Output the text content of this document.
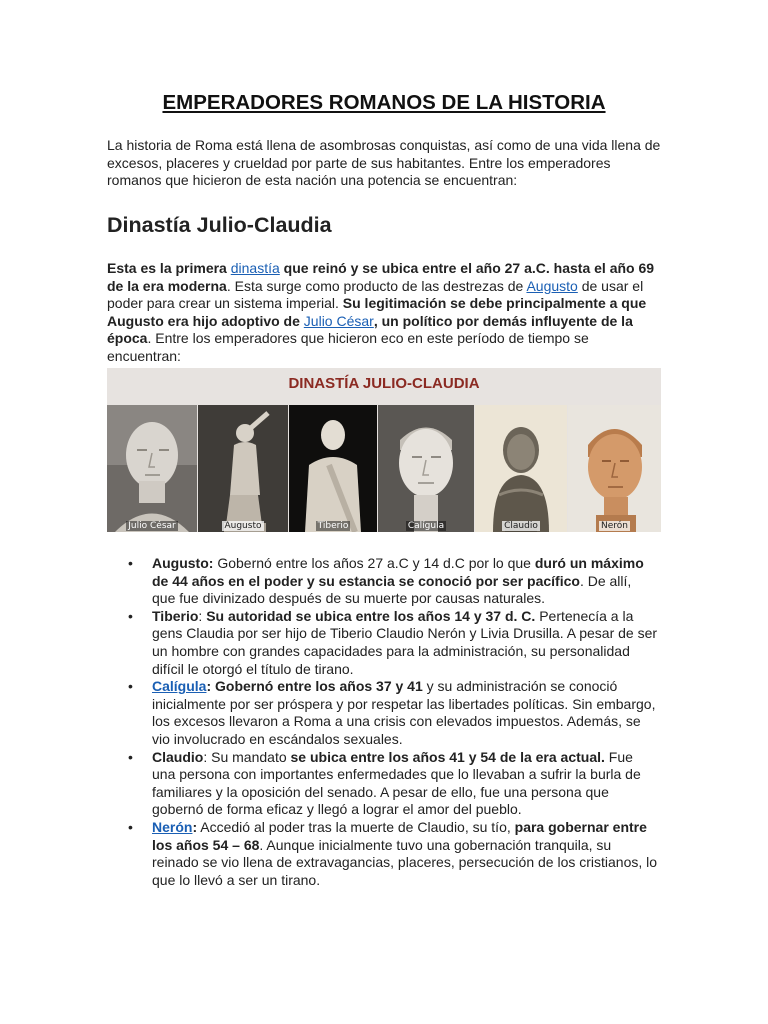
EMPERADORES ROMANOS DE LA HISTORIA

La historia de Roma está llena de asombrosas conquistas, así como de una vida llena de excesos, placeres y crueldad por parte de sus habitantes. Entre los emperadores romanos que hicieron de esta nación una potencia se encuentran:

Dinastía Julio-Claudia

Esta es la primera dinastía que reinó y se ubica entre el año 27 a.C. hasta el año 69 de la era moderna. Esta surge como producto de las destrezas de Augusto de usar el poder para crear un sistema imperial. Su legitimación se debe principalmente a que Augusto era hijo adoptivo de Julio César, un político por demás influyente de la época. Entre los emperadores que hicieron eco en este período de tiempo se encuentran:

DINASTÍA JULIO-CLAUDIA
Julio César	Augusto	Tiberio	Calígula	Claudio	Nerón
• Augusto: Gobernó entre los años 27 a.C y 14 d.C por lo que duró un máximo de 44 años en el poder y su estancia se conoció por ser pacífico. De allí, que fue divinizado después de su muerte por causas naturales.
• Tiberio: Su autoridad se ubica entre los años 14 y 37 d. C. Pertenecía a la gens Claudia por ser hijo de Tiberio Claudio Nerón y Livia Drusilla. A pesar de ser un hombre con grandes capacidades para la administración, su personalidad difícil le otorgó el título de tirano.
• Calígula: Gobernó entre los años 37 y 41 y su administración se conoció inicialmente por ser próspera y por respetar las libertades políticas. Sin embargo, los excesos llevaron a Roma a una crisis con elevados impuestos. Además, se vio involucrado en escándalos sexuales.
• Claudio: Su mandato se ubica entre los años 41 y 54 de la era actual. Fue una persona con importantes enfermedades que lo llevaban a sufrir la burla de familiares y la oposición del senado. A pesar de ello, fue una persona que gobernó de forma eficaz y llegó a lograr el amor del pueblo.
• Nerón: Accedió al poder tras la muerte de Claudio, su tío, para gobernar entre los años 54 – 68. Aunque inicialmente tuvo una gobernación tranquila, su reinado se vio llena de extravagancias, placeres, persecución de los cristianos, lo que lo llevó a ser un tirano.
